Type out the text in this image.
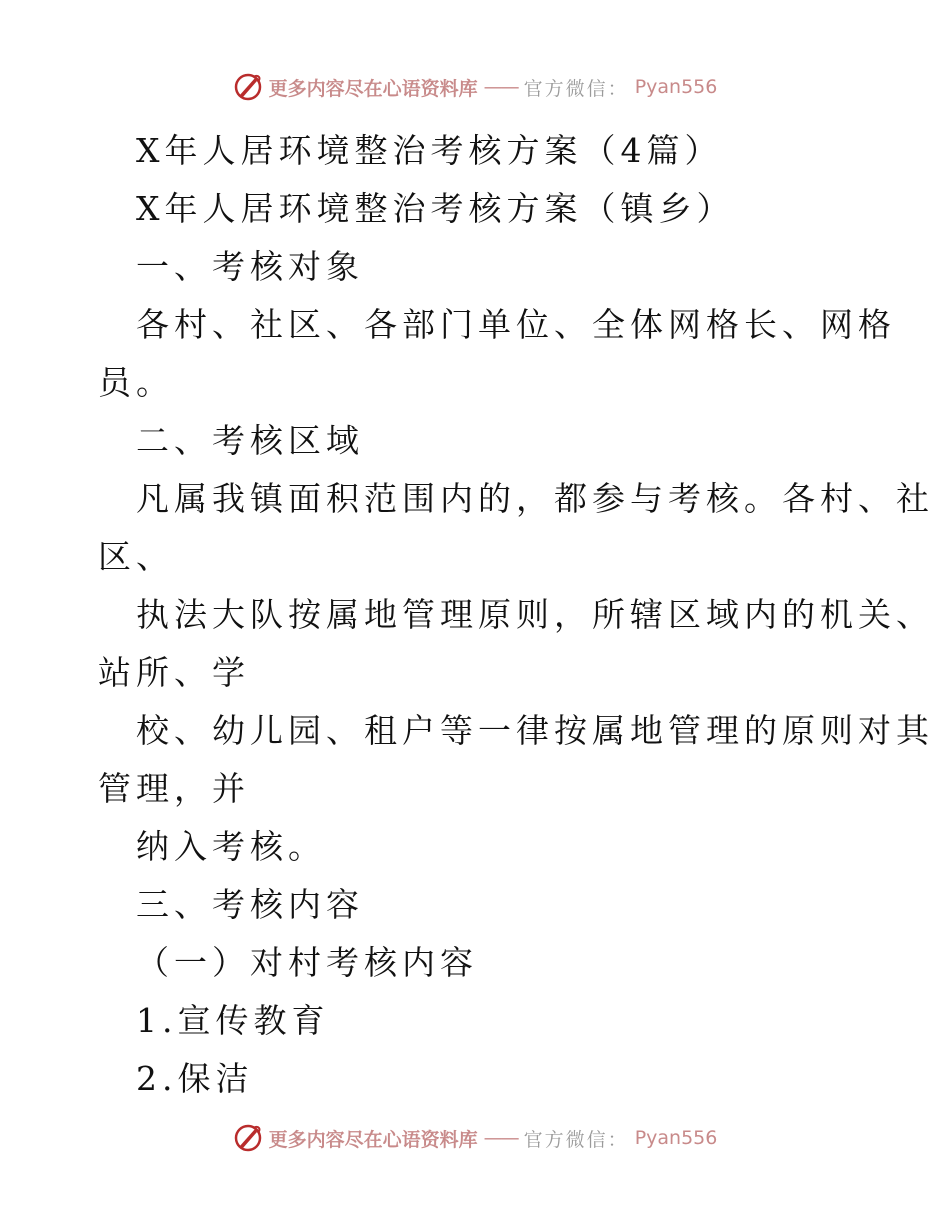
更多内容尽在心语资料库 —— 官方微信： Pyan556
X年人居环境整治考核方案（4篇）
X年人居环境整治考核方案（镇乡）
一、考核对象
各村、社区、各部门单位、全体网格长、网格
员。
二、考核区域
凡属我镇面积范围内的，都参与考核。各村、社
区、
执法大队按属地管理原则，所辖区域内的机关、
站所、学
校、幼儿园、租户等一律按属地管理的原则对其
管理，并
纳入考核。
三、考核内容
（一）对村考核内容
1.宣传教育
2.保洁
更多内容尽在心语资料库 —— 官方微信： Pyan556
